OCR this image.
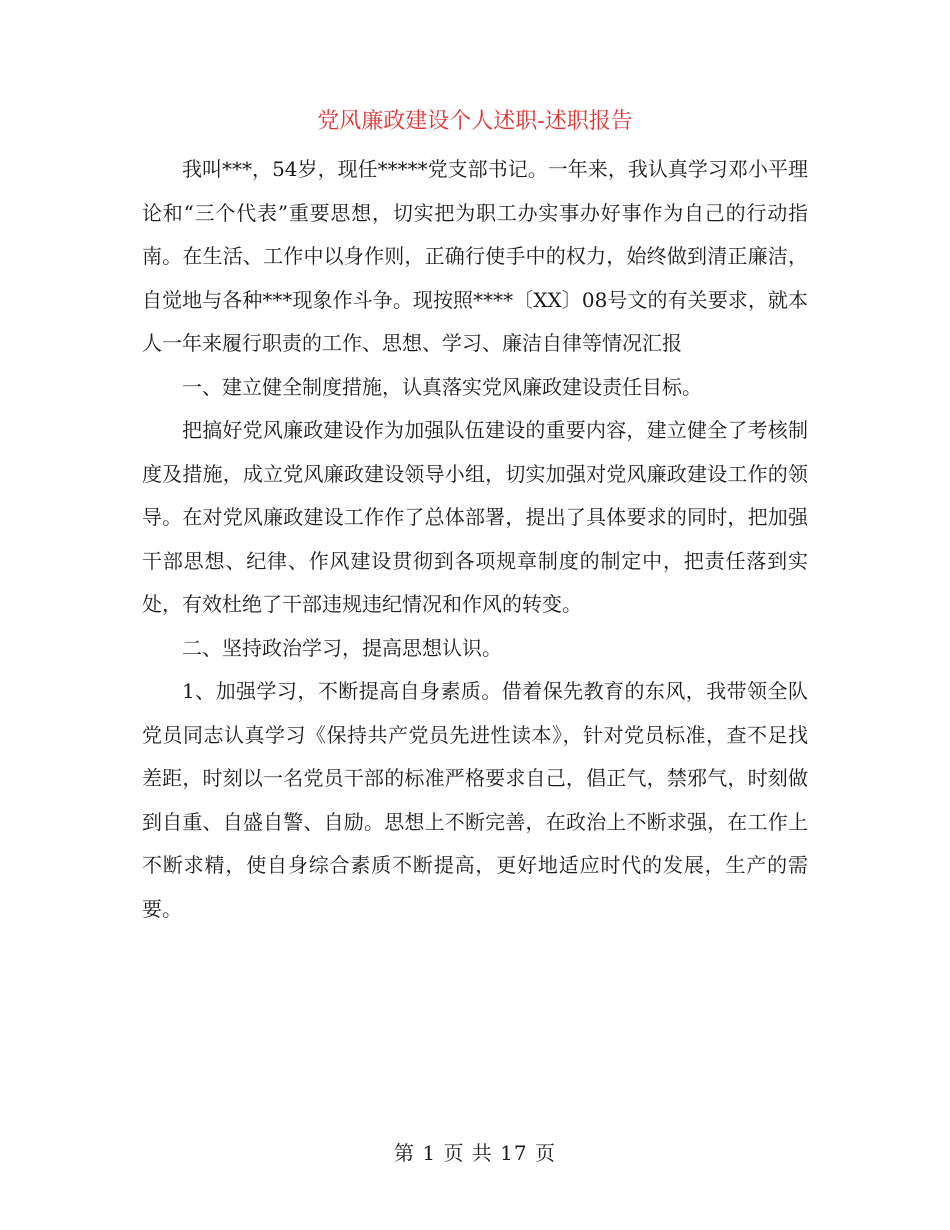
党风廉政建设个人述职-述职报告

我叫***，54岁，现任*****党支部书记。一年来，我认真学习邓小平理论和“三个代表”重要思想，切实把为职工办实事办好事作为自己的行动指南。在生活、工作中以身作则，正确行使手中的权力，始终做到清正廉洁，自觉地与各种***现象作斗争。现按照****〔XX〕08号文的有关要求，就本人一年来履行职责的工作、思想、学习、廉洁自律等情况汇报

一、建立健全制度措施，认真落实党风廉政建设责任目标。

把搞好党风廉政建设作为加强队伍建设的重要内容，建立健全了考核制度及措施，成立党风廉政建设领导小组，切实加强对党风廉政建设工作的领导。在对党风廉政建设工作作了总体部署，提出了具体要求的同时，把加强干部思想、纪律、作风建设贯彻到各项规章制度的制定中，把责任落到实处，有效杜绝了干部违规违纪情况和作风的转变。

二、坚持政治学习，提高思想认识。

1、加强学习，不断提高自身素质。借着保先教育的东风，我带领全队党员同志认真学习《保持共产党员先进性读本》，针对党员标准，查不足找差距，时刻以一名党员干部的标准严格要求自己，倡正气，禁邪气，时刻做到自重、自盛自警、自励。思想上不断完善，在政治上不断求强，在工作上不断求精，使自身综合素质不断提高，更好地适应时代的发展，生产的需要。

第 1 页 共 17 页
